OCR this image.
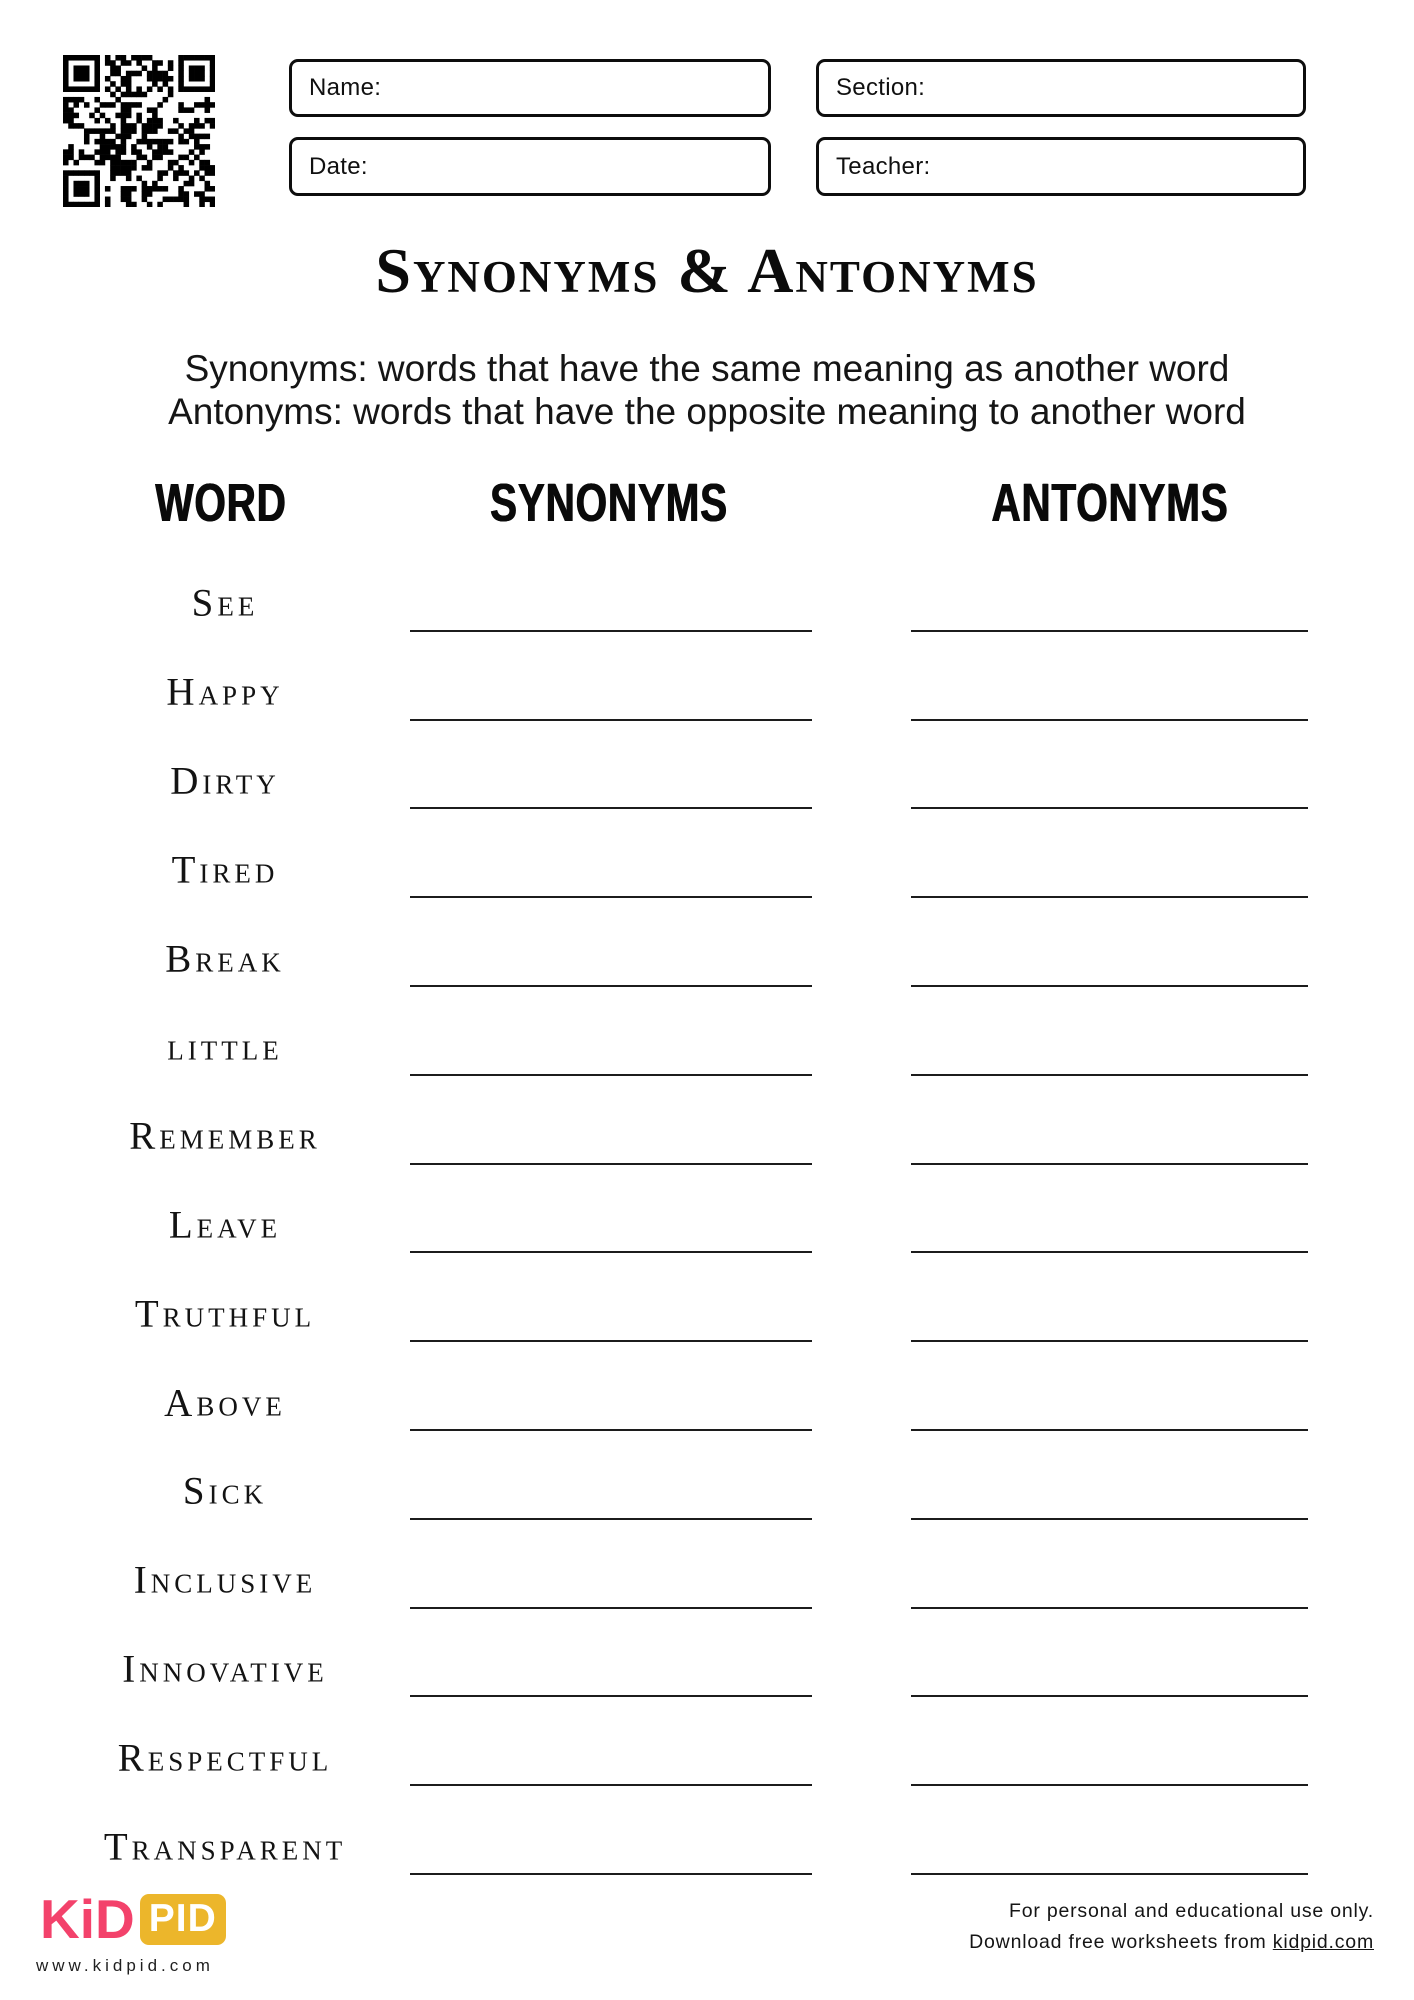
Name:	Section:
Date:	Teacher:
Synonyms & Antonyms
Synonyms: words that have the same meaning as another word
Antonyms: words that have the opposite meaning to another word
WORD	SYNONYMS	ANTONYMS
See
Happy
Dirty
Tired
Break
little
Remember
Leave
Truthful
Above
Sick
Inclusive
Innovative
Respectful
Transparent
KiD PID
www.kidpid.com
For personal and educational use only.
Download free worksheets from kidpid.com
